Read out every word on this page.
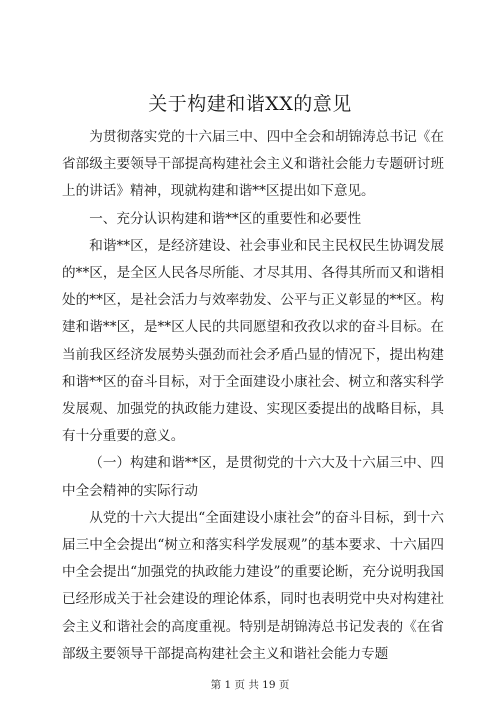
关于构建和谐XX的意见

为贯彻落实党的十六届三中、四中全会和胡锦涛总书记《在省部级主要领导干部提高构建社会主义和谐社会能力专题研讨班上的讲话》精神，现就构建和谐**区提出如下意见。

一、充分认识构建和谐**区的重要性和必要性

和谐**区，是经济建设、社会事业和民主民权民生协调发展的**区，是全区人民各尽所能、才尽其用、各得其所而又和谐相处的**区，是社会活力与效率勃发、公平与正义彰显的**区。构建和谐**区，是**区人民的共同愿望和孜孜以求的奋斗目标。在当前我区经济发展势头强劲而社会矛盾凸显的情况下，提出构建和谐**区的奋斗目标，对于全面建设小康社会、树立和落实科学发展观、加强党的执政能力建设、实现区委提出的战略目标，具有十分重要的意义。

（一）构建和谐**区，是贯彻党的十六大及十六届三中、四中全会精神的实际行动

从党的十六大提出“全面建设小康社会”的奋斗目标，到十六届三中全会提出“树立和落实科学发展观”的基本要求、十六届四中全会提出“加强党的执政能力建设”的重要论断，充分说明我国已经形成关于社会建设的理论体系，同时也表明党中央对构建社会主义和谐社会的高度重视。特别是胡锦涛总书记发表的《在省部级主要领导干部提高构建社会主义和谐社会能力专题

第 1 页 共 19 页
